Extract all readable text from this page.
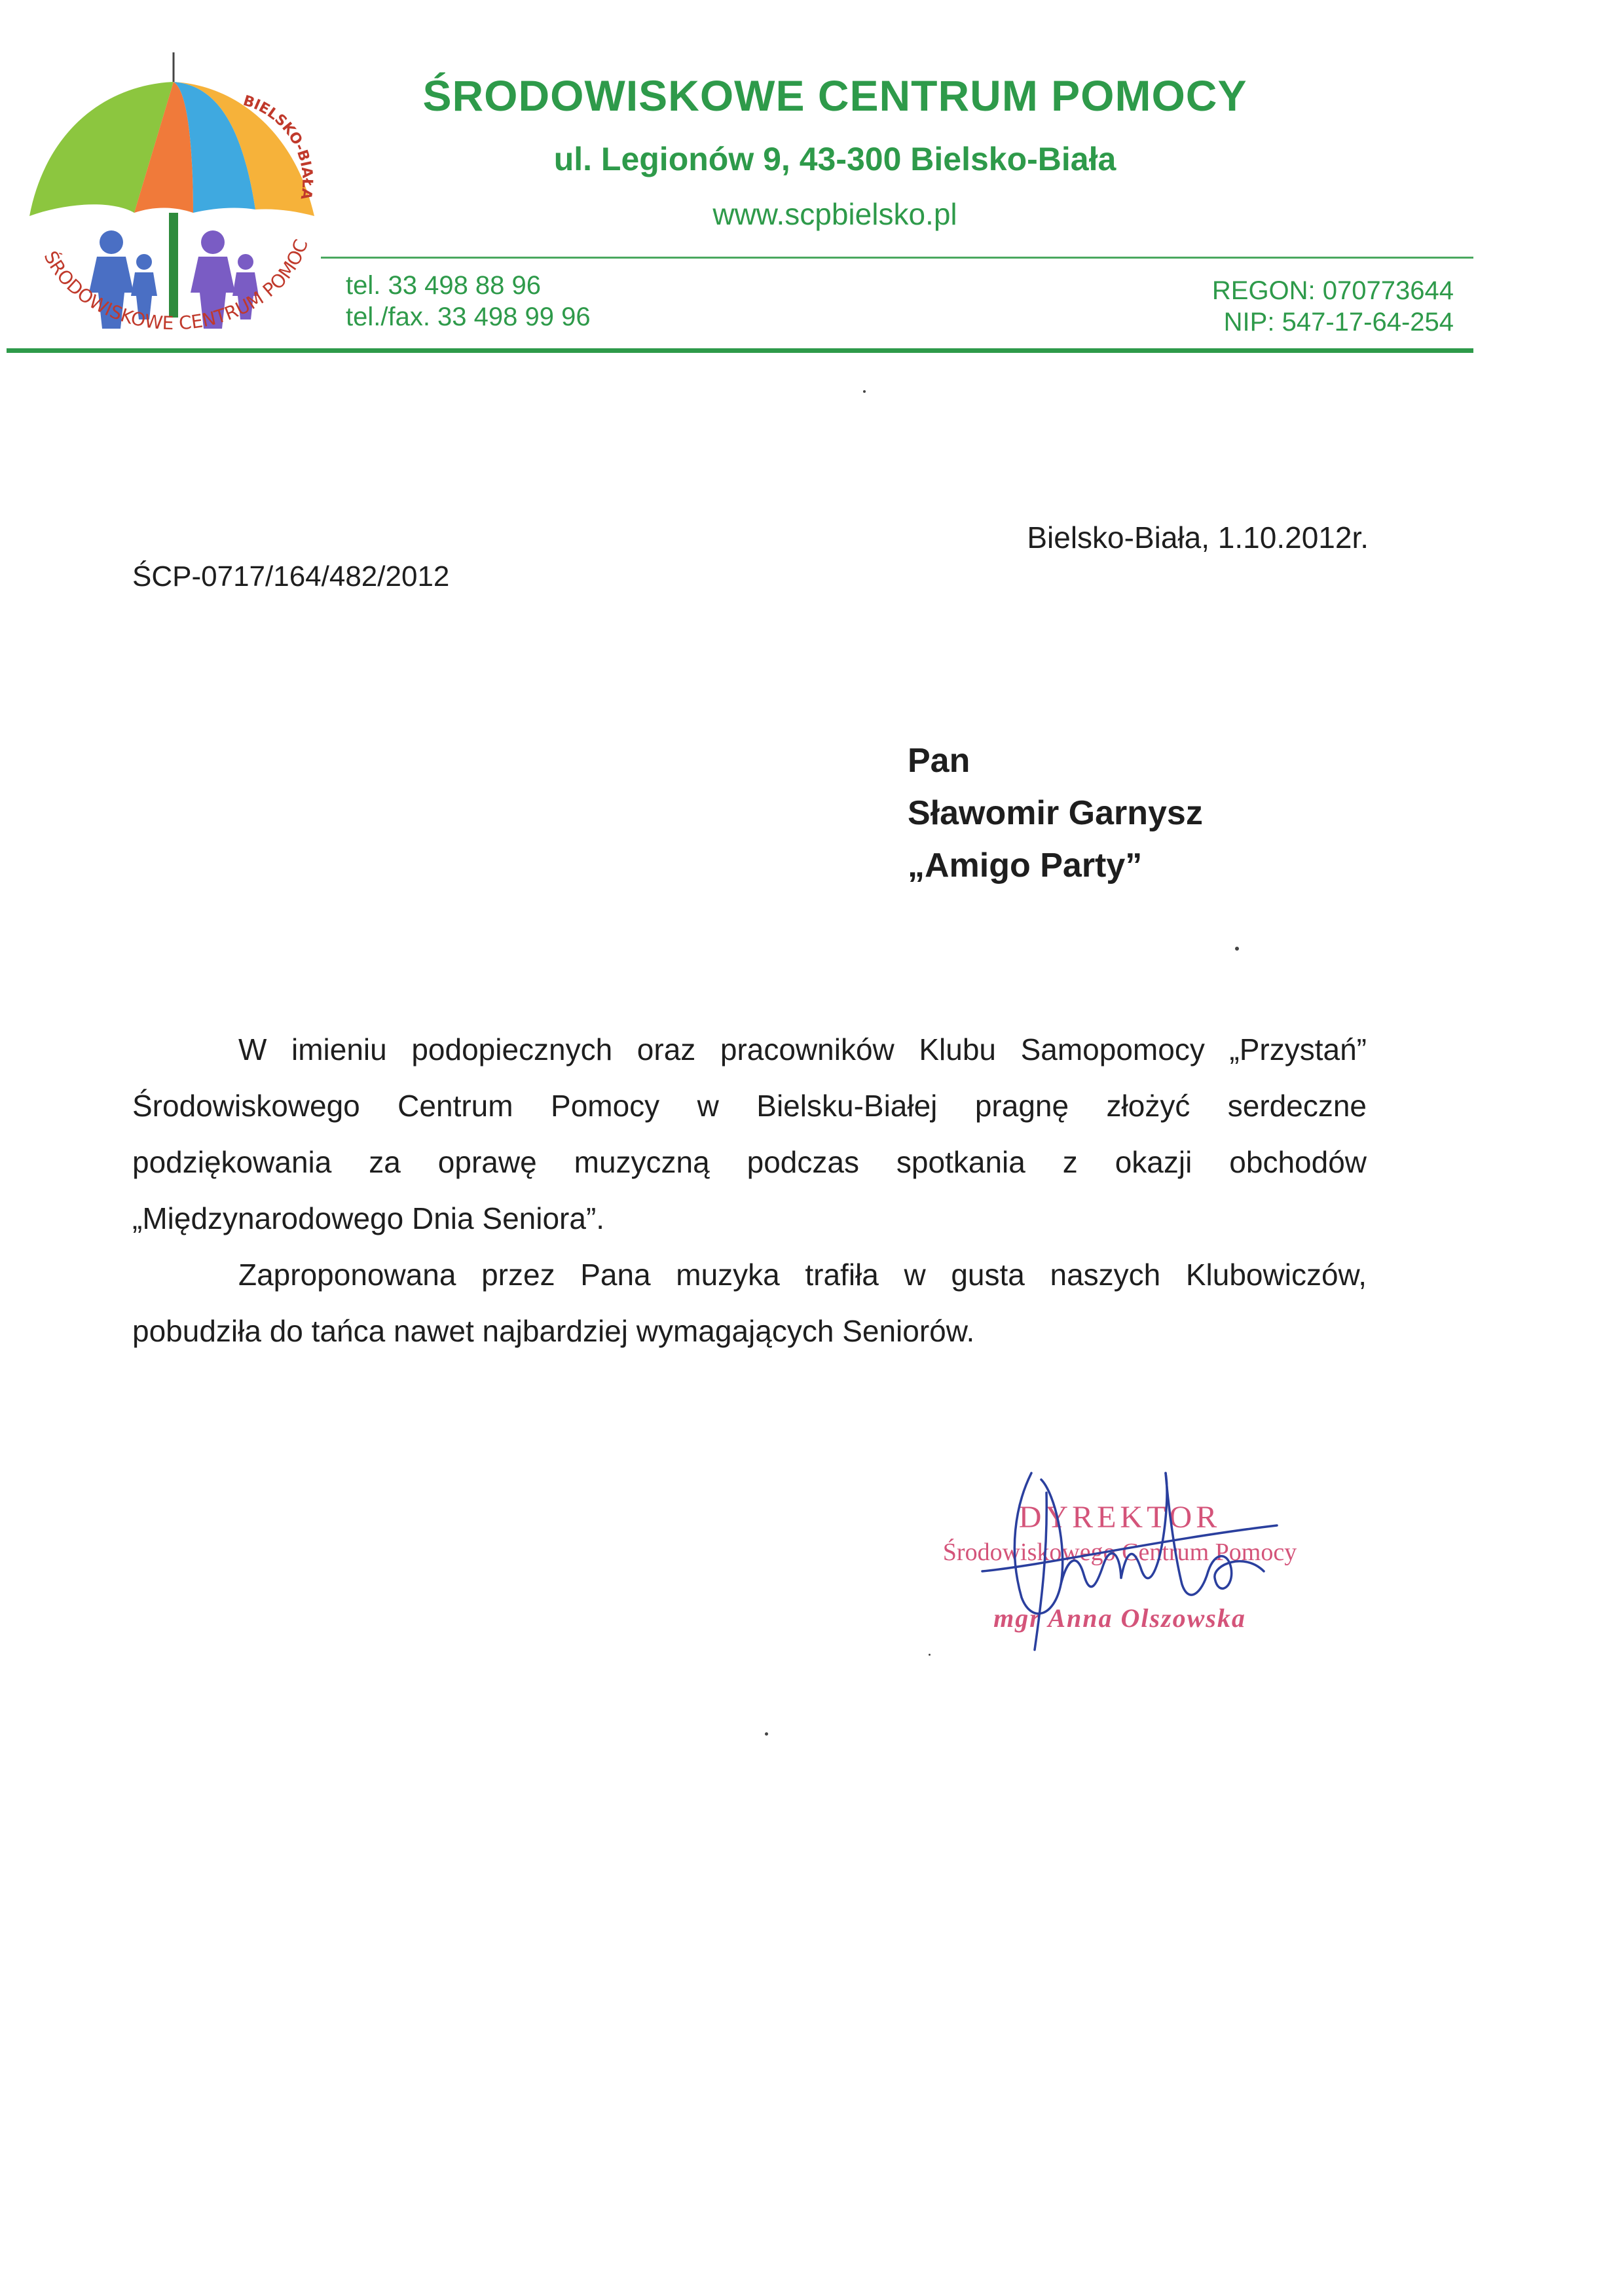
BIELSKO-BIAŁA
ŚRODOWISKOWE CENTRUM POMOC
ŚRODOWISKOWE CENTRUM POMOCY
ul. Legionów 9, 43-300 Bielsko-Biała
www.scpbielsko.pl
tel. 33 498 88 96
tel./fax. 33 498 99 96
REGON: 070773644
NIP: 547-17-64-254
Bielsko-Biała, 1.10.2012r.
ŚCP-0717/164/482/2012
Pan
Sławomir Garnysz
„Amigo Party”

W imieniu podopiecznych oraz pracowników Klubu Samopomocy „Przystań” Środowiskowego Centrum Pomocy w Bielsku-Białej pragnę złożyć serdeczne podziękowania za oprawę muzyczną podczas spotkania z okazji obchodów „Międzynarodowego Dnia Seniora”.

Zaproponowana przez Pana muzyka trafiła w gusta naszych Klubowiczów, pobudziła do tańca nawet najbardziej wymagających Seniorów.

DYREKTOR
Środowiskowego Centrum Pomocy
mgr Anna Olszowska
